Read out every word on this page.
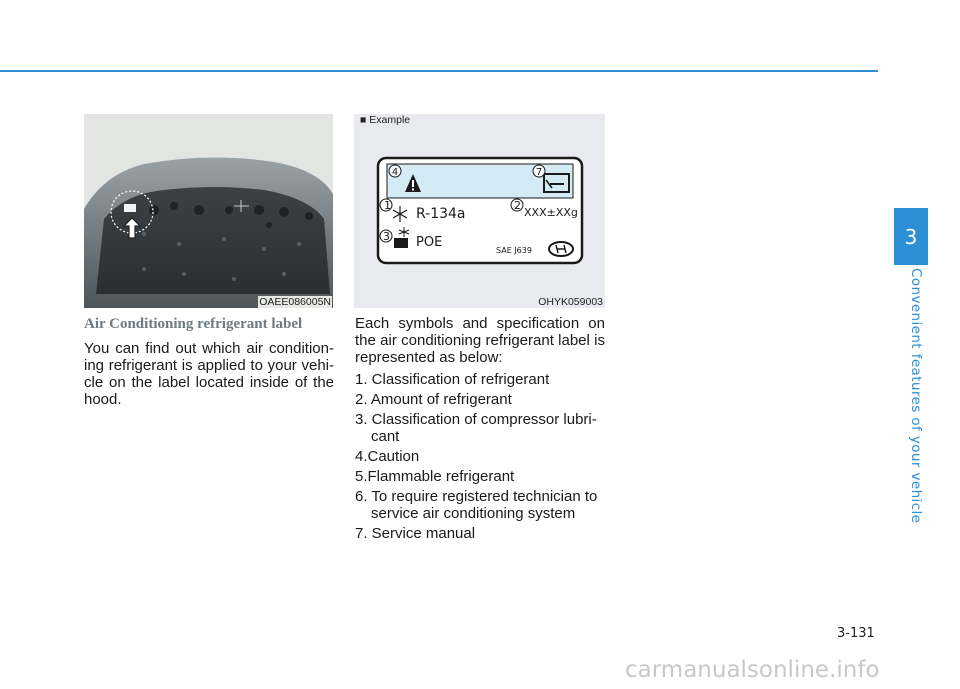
3
Convenient features of your vehicle
OAEE086005N
■ Example
4	7
1
R-134a
2
XXX±XXg
3 POE
SAE J639
OHYK059003
Air Conditioning refrigerant label

You can find out which air condition-ing refrigerant is applied to your vehi-cle on the label located inside of the hood.

Each symbols and specification on the air conditioning refrigerant label is represented as below:

1. Classification of refrigerant
2. Amount of refrigerant
3. Classification of compressor lubri-cant
4.Caution
5.Flammable refrigerant
6. To require registered technician to service air conditioning system
7. Service manual
3-131
carmanualsonline.info
